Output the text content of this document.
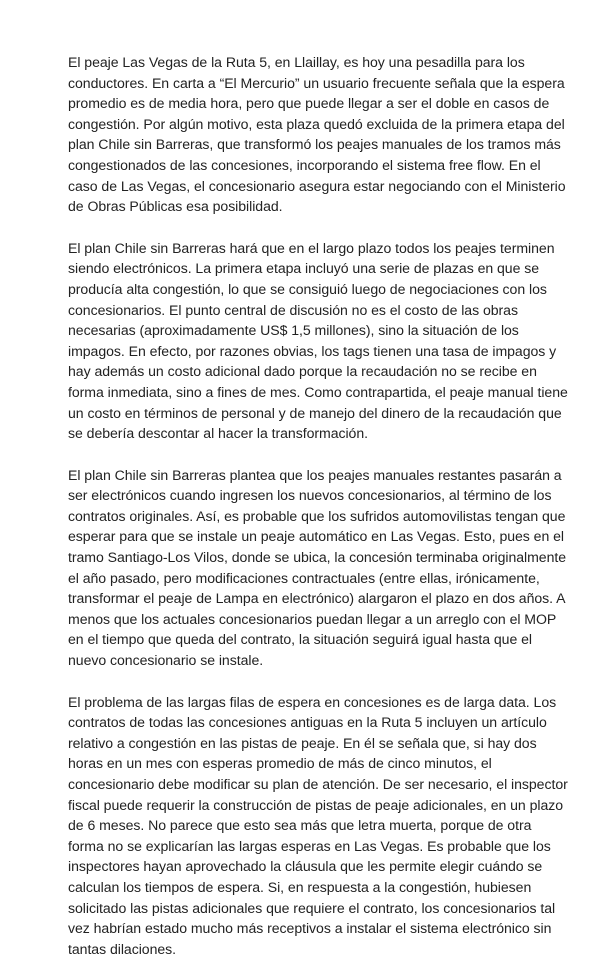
El peaje Las Vegas de la Ruta 5, en Llaillay, es hoy una pesadilla para los conductores. En carta a “El Mercurio” un usuario frecuente señala que la espera promedio es de media hora, pero que puede llegar a ser el doble en casos de congestión. Por algún motivo, esta plaza quedó excluida de la primera etapa del plan Chile sin Barreras, que transformó los peajes manuales de los tramos más congestionados de las concesiones, incorporando el sistema free flow. En el caso de Las Vegas, el concesionario asegura estar negociando con el Ministerio de Obras Públicas esa posibilidad.

El plan Chile sin Barreras hará que en el largo plazo todos los peajes terminen siendo electrónicos. La primera etapa incluyó una serie de plazas en que se producía alta congestión, lo que se consiguió luego de negociaciones con los concesionarios. El punto central de discusión no es el costo de las obras necesarias (aproximadamente US$ 1,5 millones), sino la situación de los impagos. En efecto, por razones obvias, los tags tienen una tasa de impagos y hay además un costo adicional dado porque la recaudación no se recibe en forma inmediata, sino a fines de mes. Como contrapartida, el peaje manual tiene un costo en términos de personal y de manejo del dinero de la recaudación que se debería descontar al hacer la transformación.

El plan Chile sin Barreras plantea que los peajes manuales restantes pasarán a ser electrónicos cuando ingresen los nuevos concesionarios, al término de los contratos originales. Así, es probable que los sufridos automovilistas tengan que esperar para que se instale un peaje automático en Las Vegas. Esto, pues en el tramo Santiago-Los Vilos, donde se ubica, la concesión terminaba originalmente el año pasado, pero modificaciones contractuales (entre ellas, irónicamente, transformar el peaje de Lampa en electrónico) alargaron el plazo en dos años. A menos que los actuales concesionarios puedan llegar a un arreglo con el MOP en el tiempo que queda del contrato, la situación seguirá igual hasta que el nuevo concesionario se instale.

El problema de las largas filas de espera en concesiones es de larga data. Los contratos de todas las concesiones antiguas en la Ruta 5 incluyen un artículo relativo a congestión en las pistas de peaje. En él se señala que, si hay dos horas en un mes con esperas promedio de más de cinco minutos, el concesionario debe modificar su plan de atención. De ser necesario, el inspector fiscal puede requerir la construcción de pistas de peaje adicionales, en un plazo de 6 meses. No parece que esto sea más que letra muerta, porque de otra forma no se explicarían las largas esperas en Las Vegas. Es probable que los inspectores hayan aprovechado la cláusula que les permite elegir cuándo se calculan los tiempos de espera. Si, en respuesta a la congestión, hubiesen solicitado las pistas adicionales que requiere el contrato, los concesionarios tal vez habrían estado mucho más receptivos a instalar el sistema electrónico sin tantas dilaciones.
